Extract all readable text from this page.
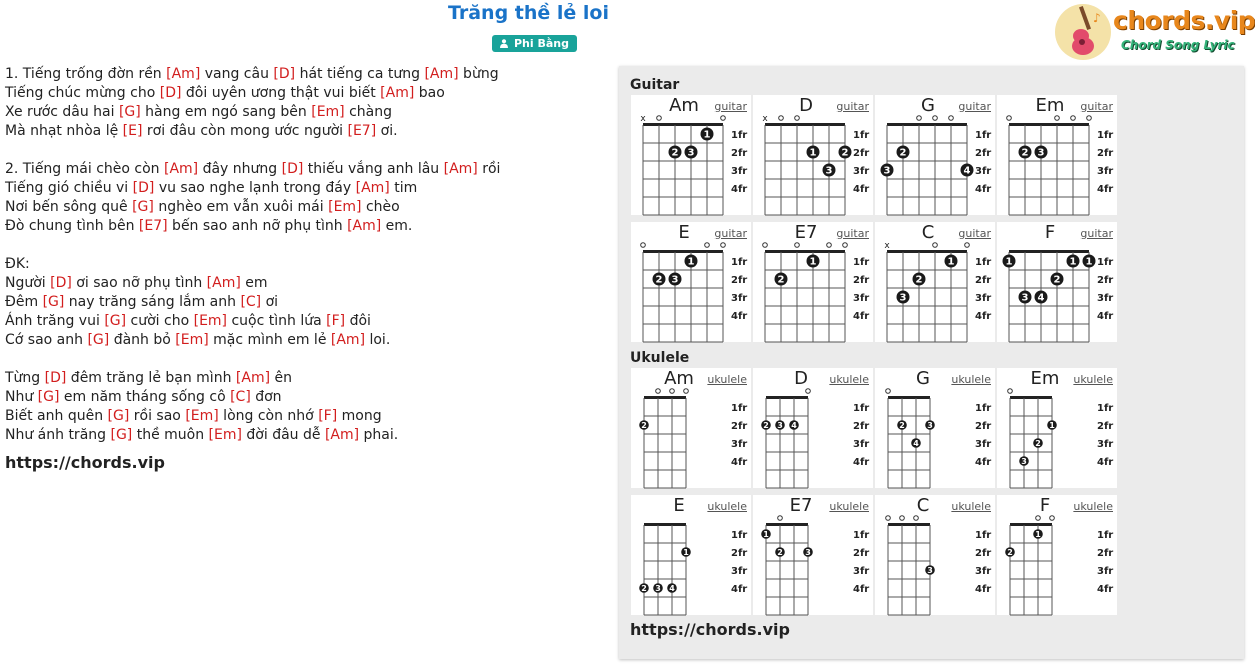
Trăng thề lẻ loi
Phi Bằng
♪ chords.vip
Chord Song Lyric
1. Tiếng trống đờn rền [Am] vang câu [D] hát tiếng ca tưng [Am] bừng
Tiếng chúc mừng cho [D] đôi uyên ương thật vui biết [Am] bao
Xe rước dâu hai [G] hàng em ngó sang bên [Em] chàng
Mà nhạt nhòa lệ [E] rơi đâu còn mong ước người [E7] ơi.
2. Tiếng mái chèo còn [Am] đây nhưng [D] thiếu vắng anh lâu [Am] rồi
Tiếng gió chiều vi [D] vu sao nghe lạnh trong đáy [Am] tim
Nơi bến sông quê [G] nghèo em vẫn xuôi mái [Em] chèo
Đò chung tình bên [E7] bến sao anh nỡ phụ tình [Am] em.
ĐK:
Người [D] ơi sao nỡ phụ tình [Am] em
Đêm [G] nay trăng sáng lắm anh [C] ơi
Ánh trăng vui [G] cười cho [Em] cuộc tình lứa [F] đôi
Cớ sao anh [G] đành bỏ [Em] mặc mình em lẻ [Am] loi.
Từng [D] đêm trăng lẻ bạn mình [Am] ên
Như [G] em năm tháng sống cô [C] đơn
Biết anh quên [G] rồi sao [Em] lòng còn nhớ [F] mong
Như ánh trăng [G] thề muôn [Em] đời đâu dễ [Am] phai.
https://chords.vip
Guitar
Am	guitar
1fr
2fr
3fr
4fr
x
1
2 3
D	guitar
1fr
2fr
3fr
4fr
x
1	2
3
G	guitar
1fr
2fr
3fr
4fr
2
3	4
Em	guitar
1fr
2fr
3fr
4fr
2 3
E	guitar
1fr
2fr
3fr
4fr
1
2 3
E7	guitar
1fr
2fr
3fr
4fr
1
2
C	guitar
1fr
2fr
3fr
4fr
x
1
2
3
F	guitar
1fr
2fr
3fr
4fr
1	1 1
2
3 4
Ukulele
Am	ukulele
1fr
2fr
3fr
4fr
2
D	ukulele
1fr
2fr
3fr
4fr
2 3 4
G	ukulele
1fr
2fr
3fr
4fr
2	3
4
Em	ukulele
1fr
2fr
3fr
4fr
1
2
3
E	ukulele
1fr
2fr
3fr
4fr
1
2 3 4
E7	ukulele
1fr
2fr
3fr
4fr
1
2	3
C	ukulele
1fr
2fr
3fr
4fr
3
F	ukulele
1fr
2fr
3fr
4fr
1
2
https://chords.vip
